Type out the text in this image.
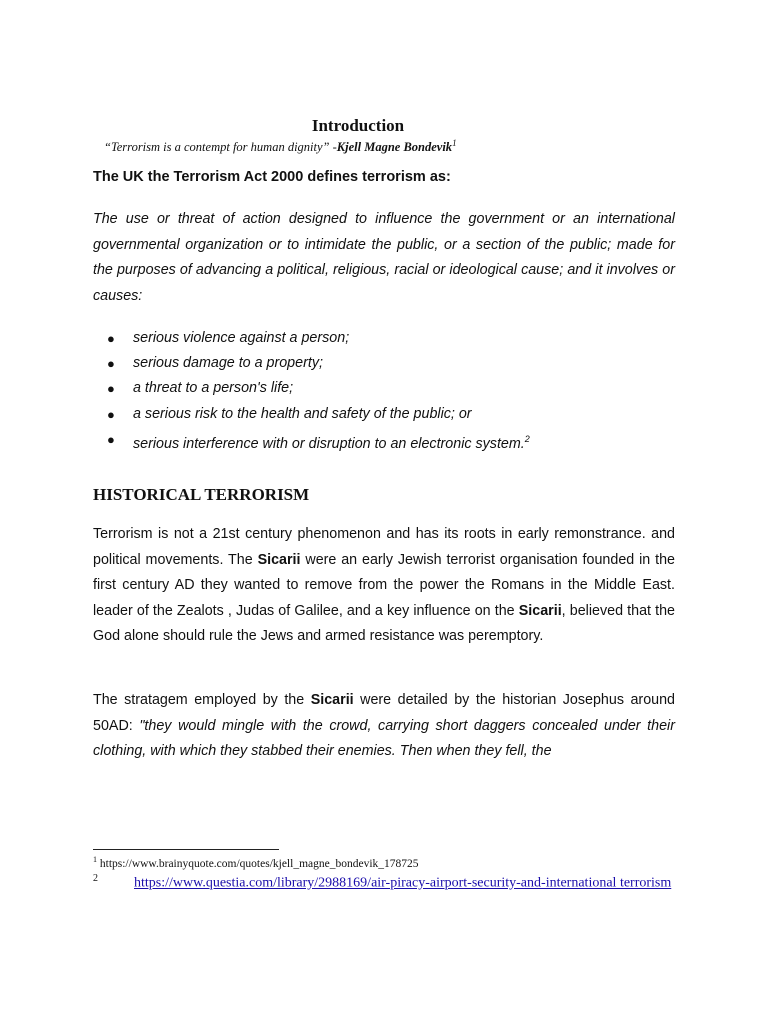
Introduction
“Terrorism is a contempt for human dignity” -Kjell Magne Bondevik$^1$
The UK the Terrorism Act 2000 defines terrorism as:

The use or threat of action designed to influence the government or an international governmental organization or to intimidate the public, or a section of the public; made for the purposes of advancing a political, religious, racial or ideological cause; and it involves or causes:

● serious violence against a person;
● serious damage to a property;
● a threat to a person's life;
● a serious risk to the health and safety of the public; or
● serious interference with or disruption to an electronic system.$^2$
HISTORICAL TERRORISM

Terrorism is not a 21st century phenomenon and has its roots in early remonstrance. and political movements. The Sicarii were an early Jewish terrorist organisation founded in the first century AD they wanted to remove from the power the Romans in the Middle East. leader of the Zealots , Judas of Galilee, and a key influence on the Sicarii, believed that the God alone should rule the Jews and armed resistance was peremptory.

The stratagem employed by the Sicarii were detailed by the historian Josephus around 50AD: "they would mingle with the crowd, carrying short daggers concealed under their clothing, with which they stabbed their enemies. Then when they fell, the

$^1$ https://www.brainyquote.com/quotes/kjell_magne_bondevik_178725
$^2$	https://www.questia.com/library/2988169/air-piracy-airport-security-and-international terrorism
